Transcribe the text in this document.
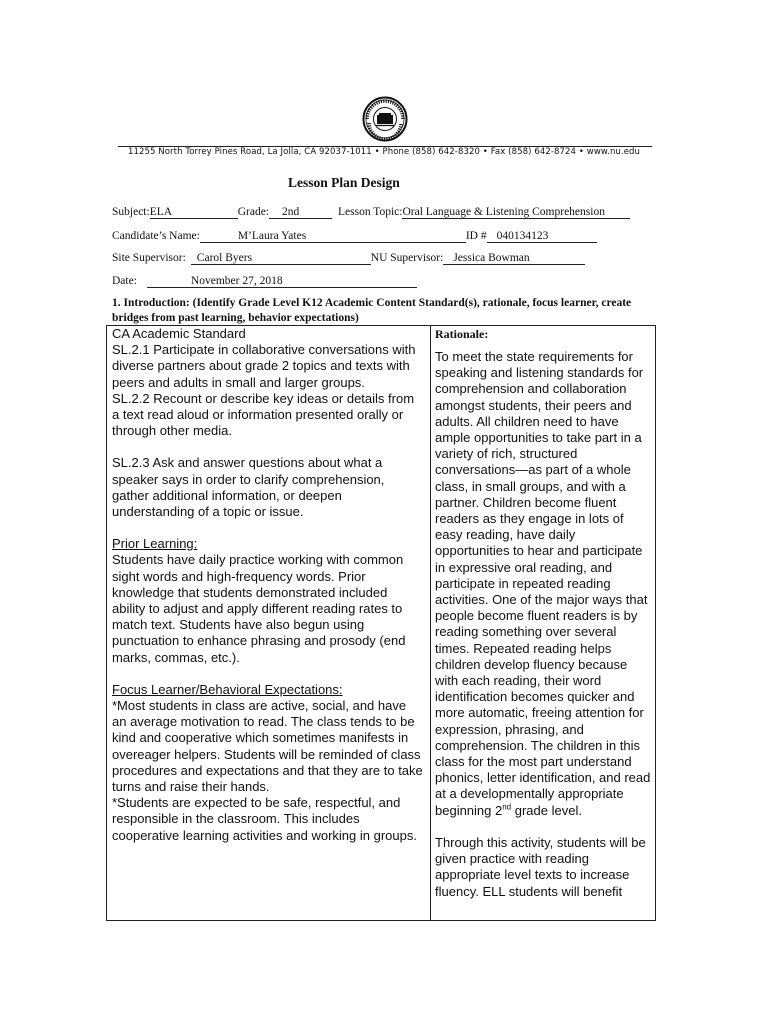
11255 North Torrey Pines Road, La Jolla, CA 92037-1011 • Phone (858) 642-8320 • Fax (858) 642-8724 • www.nu.edu
Lesson Plan Design
Subject:ELA	Grade: 2nd	Lesson Topic:Oral Language & Listening Comprehension
Candidate’s Name:	M’Laura Yates	ID # 040134123
Site Supervisor: Carol Byers	NU Supervisor: Jessica Bowman
Date:	November 27, 2018
1. Introduction: (Identify Grade Level K12 Academic Content Standard(s), rationale, focus learner, create bridges from past learning, behavior expectations)

CA Academic Standard

SL.2.1 Participate in collaborative conversations with diverse partners about grade 2 topics and texts with peers and adults in small and larger groups.

SL.2.2 Recount or describe key ideas or details from a text read aloud or information presented orally or through other media.

SL.2.3 Ask and answer questions about what a speaker says in order to clarify comprehension, gather additional information, or deepen understanding of a topic or issue.

Prior Learning:

Students have daily practice working with common sight words and high-frequency words. Prior knowledge that students demonstrated included ability to adjust and apply different reading rates to match text. Students have also begun using punctuation to enhance phrasing and prosody (end marks, commas, etc.).

Focus Learner/Behavioral Expectations:

*Most students in class are active, social, and have an average motivation to read. The class tends to be kind and cooperative which sometimes manifests in overeager helpers. Students will be reminded of class procedures and expectations and that they are to take turns and raise their hands.

*Students are expected to be safe, respectful, and responsible in the classroom. This includes cooperative learning activities and working in groups.

Rationale:

To meet the state requirements for speaking and listening standards for comprehension and collaboration amongst students, their peers and adults. All children need to have ample opportunities to take part in a variety of rich, structured conversations—as part of a whole class, in small groups, and with a partner. Children become fluent readers as they engage in lots of easy reading, have daily opportunities to hear and participate in expressive oral reading, and participate in repeated reading activities. One of the major ways that people become fluent readers is by reading something over several times. Repeated reading helps children develop fluency because with each reading, their word identification becomes quicker and more automatic, freeing attention for expression, phrasing, and comprehension. The children in this class for the most part understand phonics, letter identification, and read at a developmentally appropriate beginning 2nd grade level.

Through this activity, students will be given practice with reading appropriate level texts to increase fluency. ELL students will benefit
